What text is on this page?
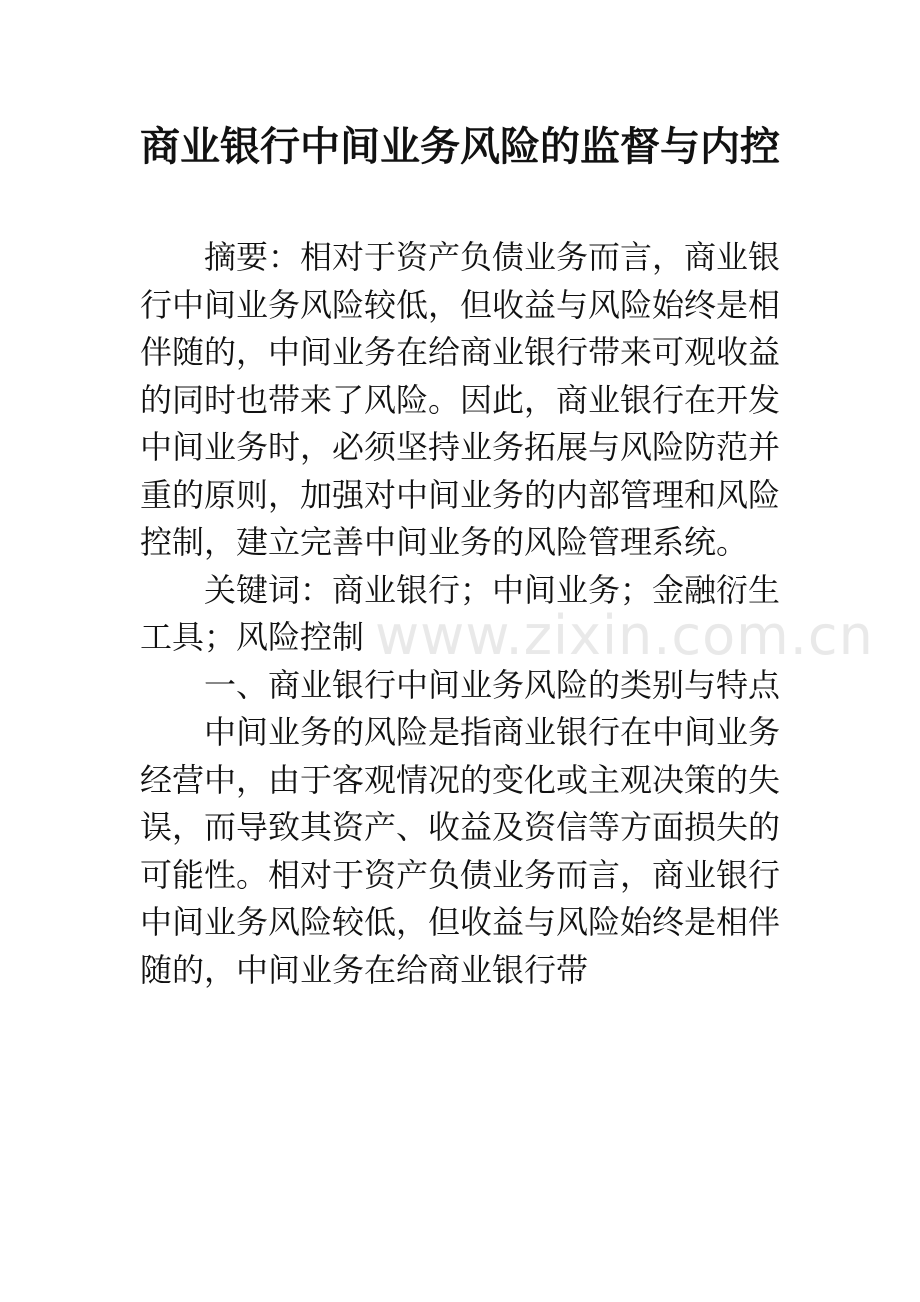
商业银行中间业务风险的监督与内控

摘要：相对于资产负债业务而言，商业银行中间业务风险较低，但收益与风险始终是相伴随的，中间业务在给商业银行带来可观收益的同时也带来了风险。因此，商业银行在开发中间业务时，必须坚持业务拓展与风险防范并重的原则，加强对中间业务的内部管理和风险控制，建立完善中间业务的风险管理系统。

关键词：商业银行；中间业务；金融衍生工具；风险控制

一、商业银行中间业务风险的类别与特点

中间业务的风险是指商业银行在中间业务经营中，由于客观情况的变化或主观决策的失误，而导致其资产、收益及资信等方面损失的可能性。相对于资产负债业务而言，商业银行中间业务风险较低，但收益与风险始终是相伴随的，中间业务在给商业银行带

www.zixin.com.cn
